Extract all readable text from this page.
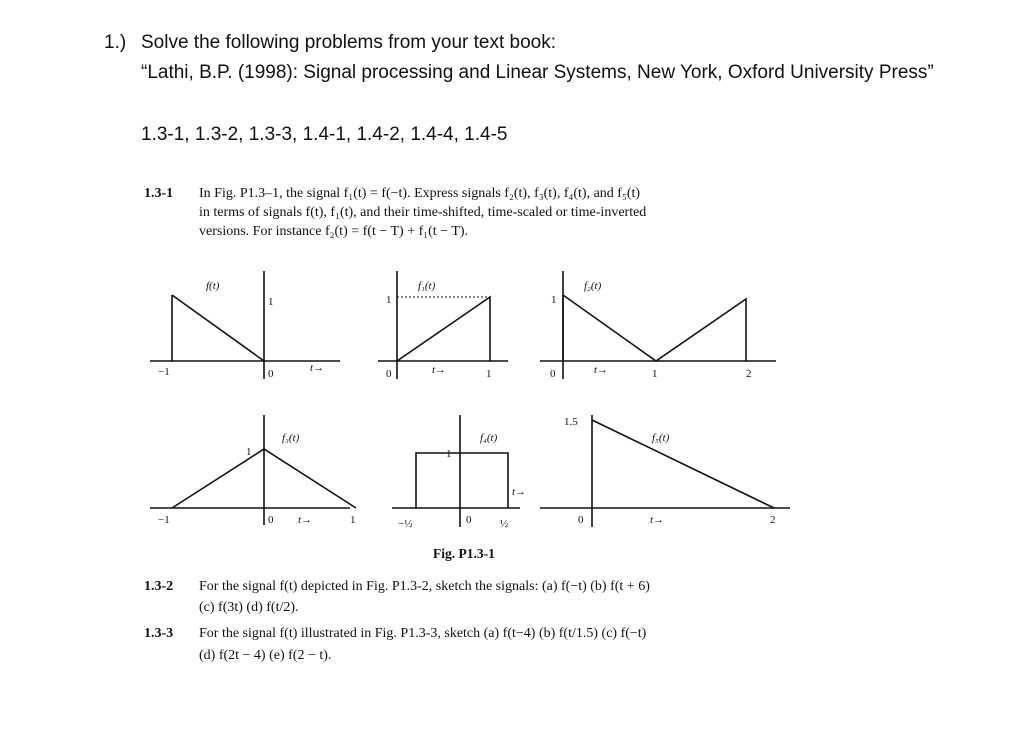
1.) Solve the following problems from your text book:
“Lathi, B.P. (1998): Signal processing and Linear Systems, New York, Oxford University Press”
1.3-1, 1.3-2, 1.3-3, 1.4-1, 1.4-2, 1.4-4, 1.4-5
1.3-1 In Fig. P1.3–1, the signal f₁(t) = f(−t). Express signals f₂(t), f₃(t), f₄(t), and f₅(t)
in terms of signals f(t), f₁(t), and their time-shifted, time-scaled or time-inverted
versions. For instance f₂(t) = f(t − T) + f₁(t − T).
f(t)
−1	0
1
t→
f₁(t)
1
0	1
t→
f₂(t)
1
0	1	2
t→
f₃(t)
1
−1	0	1
t→
f₄(t)
1
−½	0	½
t→
f₅(t)
1.5
0	2
t→
Fig. P1.3-1
1.3-2 For the signal f(t) depicted in Fig. P1.3-2, sketch the signals: (a) f(−t) (b) f(t + 6)
(c) f(3t) (d) f(t/2).
1.3-3 For the signal f(t) illustrated in Fig. P1.3-3, sketch (a) f(t−4) (b) f(t/1.5) (c) f(−t)
(d) f(2t − 4) (e) f(2 − t).
